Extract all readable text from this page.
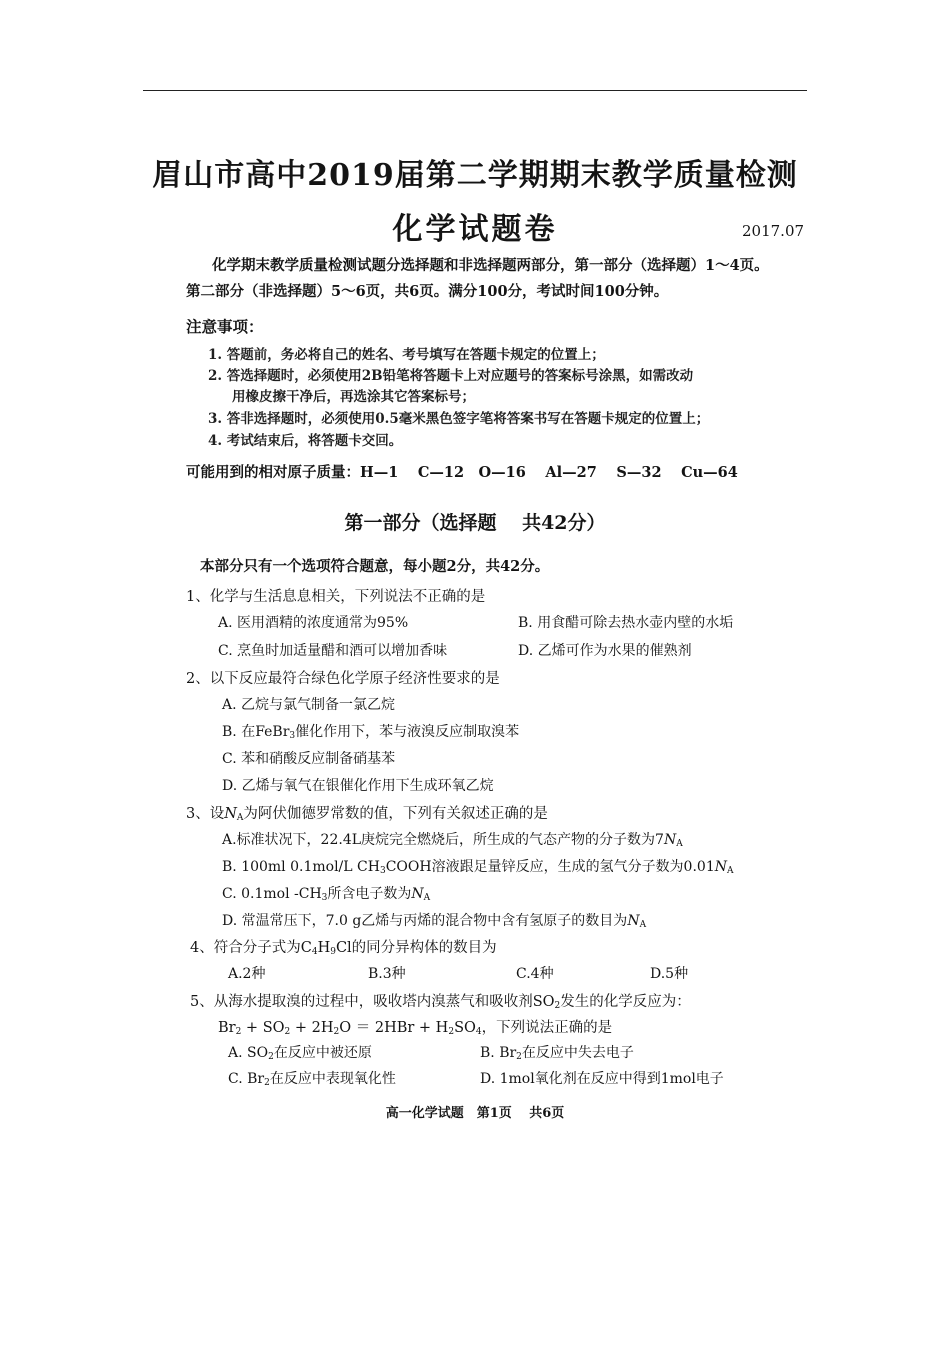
眉山市高中2019届第二学期期末教学质量检测
化学试题卷	2017.07
化学期末教学质量检测试题分选择题和非选择题两部分，第一部分（选择题）1～4页。
第二部分（非选择题）5～6页，共6页。满分100分，考试时间100分钟。
注意事项：
1. 答题前，务必将自己的姓名、考号填写在答题卡规定的位置上；
2. 答选择题时，必须使用2B铅笔将答题卡上对应题号的答案标号涂黑，如需改动
用橡皮擦干净后，再选涂其它答案标号；
3. 答非选择题时，必须使用0.5毫米黑色签字笔将答案书写在答题卡规定的位置上；
4. 考试结束后，将答题卡交回。
可能用到的相对原子质量：H—1　 C—12　O—16　 Al—27　 S—32　 Cu—64
第一部分（选择题　 共42分）
本部分只有一个选项符合题意，每小题2分，共42分。
1、化学与生活息息相关，下列说法不正确的是
A. 医用酒精的浓度通常为95%	B. 用食醋可除去热水壶内壁的水垢
C. 烹鱼时加适量醋和酒可以增加香味	D. 乙烯可作为水果的催熟剂
2、以下反应最符合绿色化学原子经济性要求的是
A. 乙烷与氯气制备一氯乙烷
B. 在FeBr$_3$催化作用下，苯与液溴反应制取溴苯
C. 苯和硝酸反应制备硝基苯
D. 乙烯与氧气在银催化作用下生成环氧乙烷
3、设$N_A$为阿伏伽德罗常数的值，下列有关叙述正确的是
A.标准状况下，22.4L庚烷完全燃烧后，所生成的气态产物的分子数为$7N_A$
B. 100ml 0.1mol/L $CH_3COOH$溶液跟足量锌反应，生成的氢气分子数为$0.01N_A$
C. 0.1mol $-CH_3$所含电子数为$N_A$
D. 常温常压下，7.0 g乙烯与丙烯的混合物中含有氢原子的数目为$N_A$
4、符合分子式为$C_4H_9Cl$的同分异构体的数目为
A.2种	B.3种	C.4种	D.5种
5、从海水提取溴的过程中，吸收塔内溴蒸气和吸收剂$SO_2$发生的化学反应为：
$Br_2 + SO_2 + 2H_2O = 2HBr + H_2SO_4$，下列说法正确的是
A. $SO_2$在反应中被还原	B. $Br_2$在反应中失去电子
C. $Br_2$在反应中表现氧化性	D. 1mol氧化剂在反应中得到1mol电子
高一化学试题　第1页　 共6页
